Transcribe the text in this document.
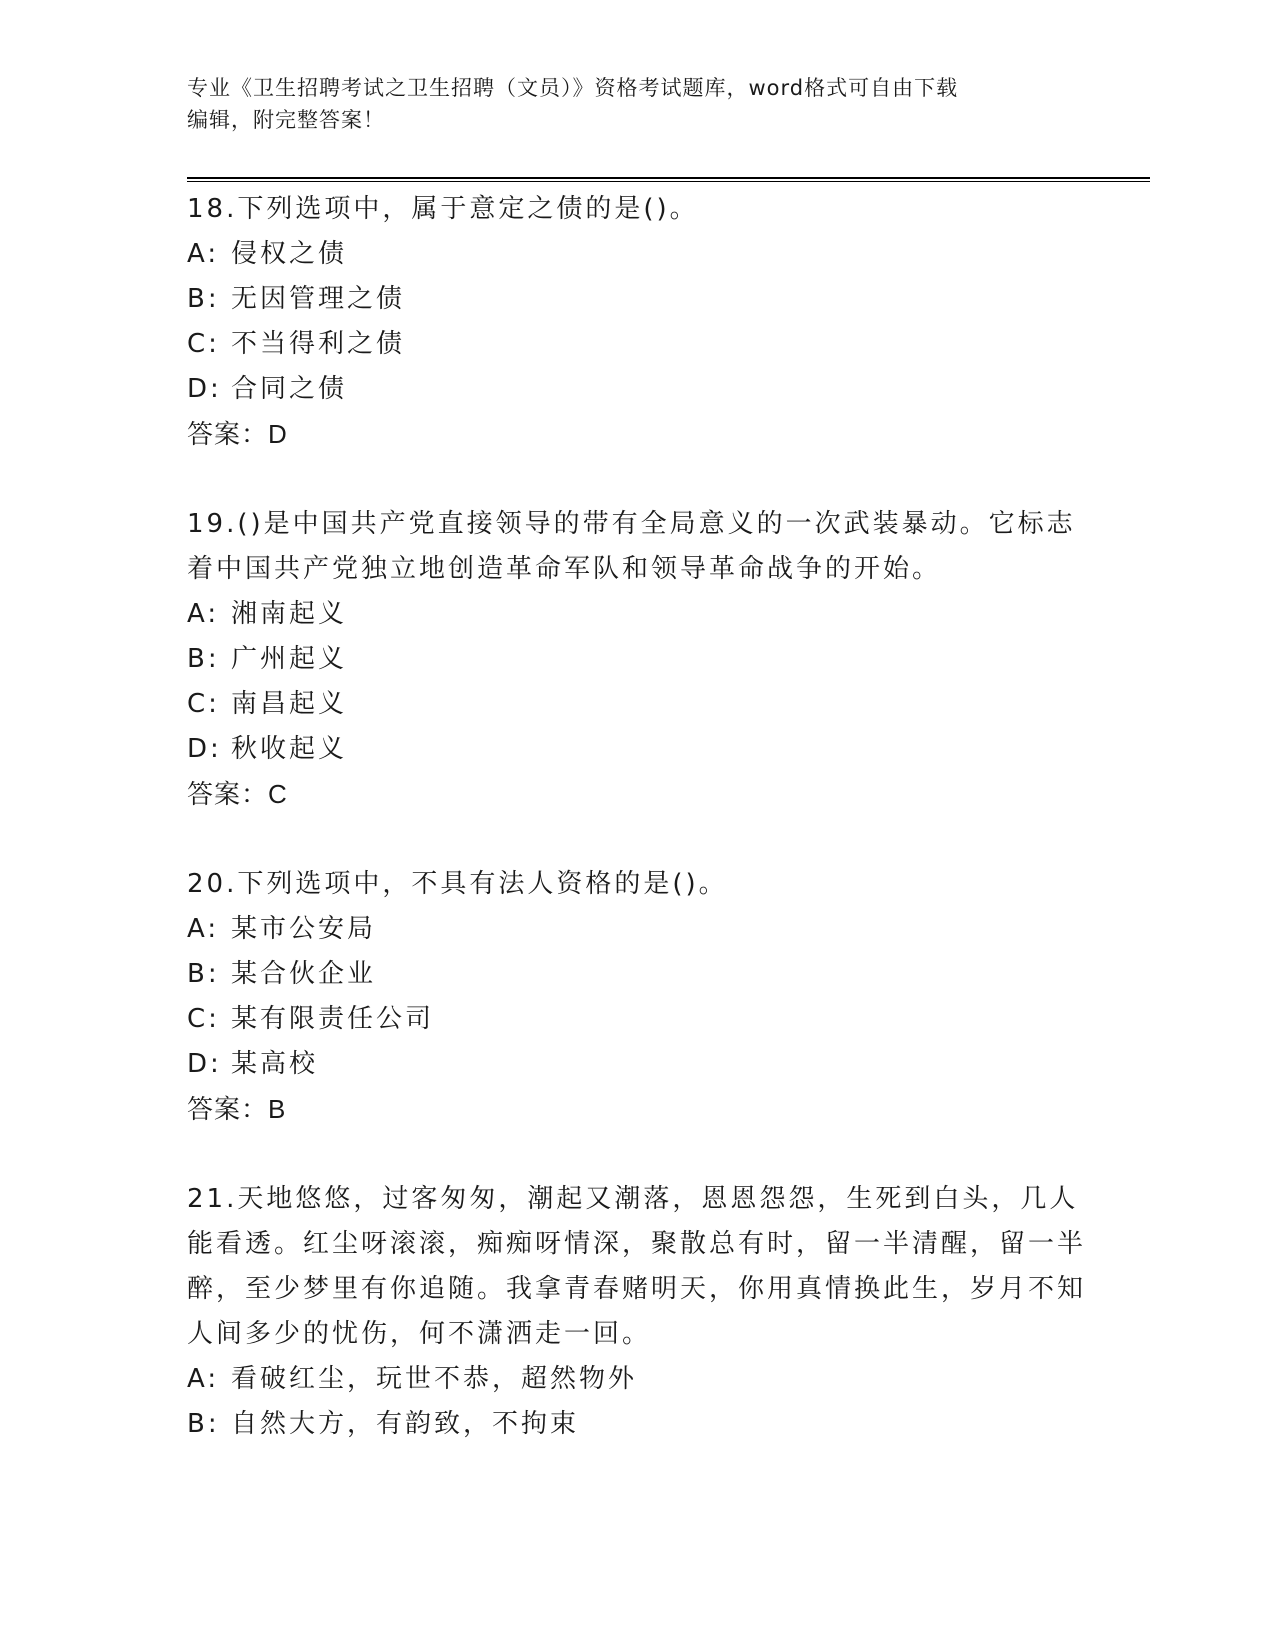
专业《卫生招聘考试之卫生招聘（文员）》资格考试题库，word格式可自由下载
编辑，附完整答案！
18.下列选项中，属于意定之债的是()。
A: 侵权之债
B: 无因管理之债
C: 不当得利之债
D: 合同之债
答案：D
19.()是中国共产党直接领导的带有全局意义的一次武装暴动。它标志着中国共产党独立地创造革命军队和领导革命战争的开始。
A: 湘南起义
B: 广州起义
C: 南昌起义
D: 秋收起义
答案：C
20.下列选项中，不具有法人资格的是()。
A: 某市公安局
B: 某合伙企业
C: 某有限责任公司
D: 某高校
答案：B
21.天地悠悠，过客匆匆，潮起又潮落，恩恩怨怨，生死到白头，几人能看透。红尘呀滚滚，痴痴呀情深，聚散总有时，留一半清醒，留一半醉，至少梦里有你追随。我拿青春赌明天，你用真情换此生，岁月不知人间多少的忧伤，何不潇洒走一回。
A: 看破红尘，玩世不恭，超然物外
B: 自然大方，有韵致，不拘束
